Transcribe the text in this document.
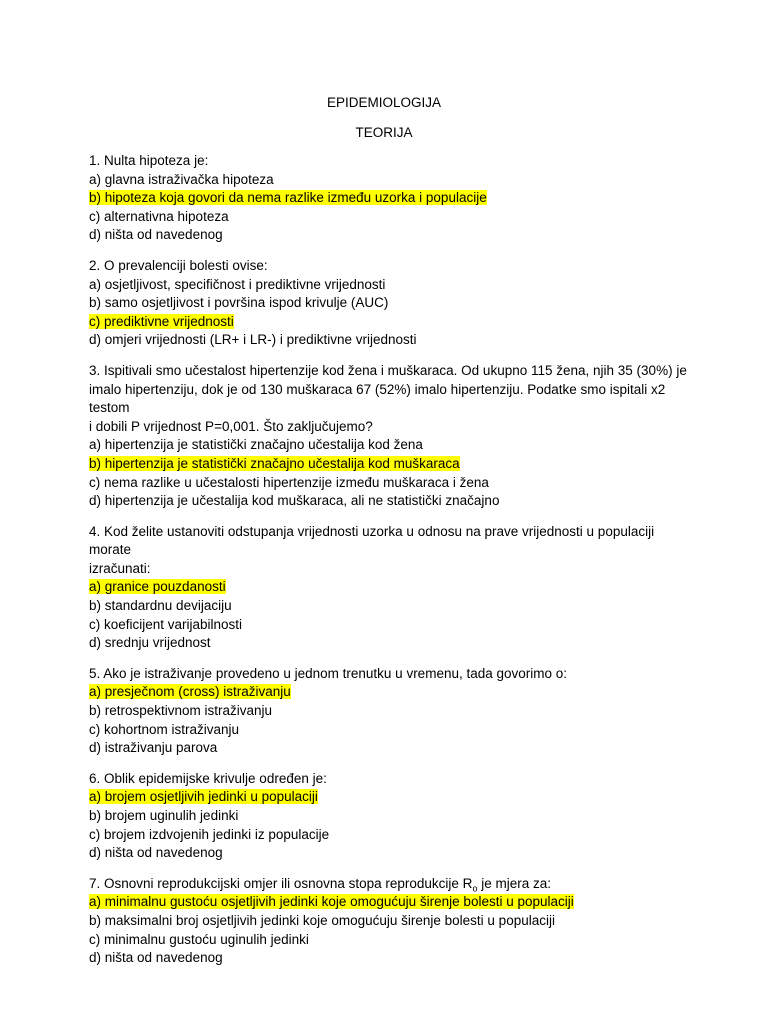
EPIDEMIOLOGIJA
TEORIJA
1. Nulta hipoteza je:
a) glavna istraživačka hipoteza
b) hipoteza koja govori da nema razlike između uzorka i populacije
c) alternativna hipoteza
d) ništa od navedenog
2. O prevalenciji bolesti ovise:
a) osjetljivost, specifičnost i prediktivne vrijednosti
b) samo osjetljivost i površina ispod krivulje (AUC)
c) prediktivne vrijednosti
d) omjeri vrijednosti (LR+ i LR-) i prediktivne vrijednosti
3. Ispitivali smo učestalost hipertenzije kod žena i muškaraca. Od ukupno 115 žena, njih 35 (30%) je
imalo hipertenziju, dok je od 130 muškaraca 67 (52%) imalo hipertenziju. Podatke smo ispitali x2 testom
i dobili P vrijednost P=0,001. Što zaključujemo?
a) hipertenzija je statistički značajno učestalija kod žena
b) hipertenzija je statistički značajno učestalija kod muškaraca
c) nema razlike u učestalosti hipertenzije između muškaraca i žena
d) hipertenzija je učestalija kod muškaraca, ali ne statistički značajno
4. Kod želite ustanoviti odstupanja vrijednosti uzorka u odnosu na prave vrijednosti u populaciji morate
izračunati:
a) granice pouzdanosti
b) standardnu devijaciju
c) koeficijent varijabilnosti
d) srednju vrijednost
5. Ako je istraživanje provedeno u jednom trenutku u vremenu, tada govorimo o:
a) presječnom (cross) istraživanju
b) retrospektivnom istraživanju
c) kohortnom istraživanju
d) istraživanju parova
6. Oblik epidemijske krivulje određen je:
a) brojem osjetljivih jedinki u populaciji
b) brojem uginulih jedinki
c) brojem izdvojenih jedinki iz populacije
d) ništa od navedenog
7. Osnovni reprodukcijski omjer ili osnovna stopa reprodukcije $R_o$ je mjera za:
a) minimalnu gustoću osjetljivih jedinki koje omogućuju širenje bolesti u populaciji
b) maksimalni broj osjetljivih jedinki koje omogućuju širenje bolesti u populaciji
c) minimalnu gustoću uginulih jedinki
d) ništa od navedenog
